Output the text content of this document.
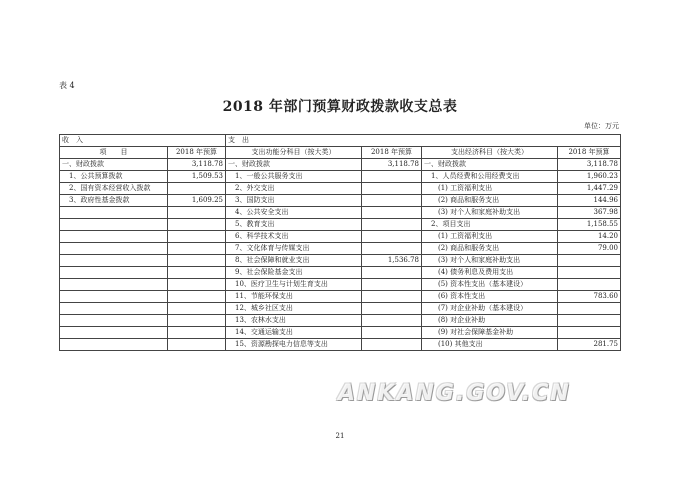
表 4
2018 年部门预算财政拨款收支总表
单位：万元
收　入		支　出			
项　　目	2018 年预算	支出功能分科目（按大类）	2018 年预算	支出经济科目（按大类）	2018 年预算
一、财政拨款	3,118.78	一、财政拨款	3,118.78	一、财政拨款	3,118.78
　1、公共预算拨款	1,509.53	　1、一般公共服务支出		　1、人员经费和公用经费支出	1,960.23
　2、国有资本经营收入拨款		　2、外交支出		　　(1) 工资福利支出	1,447.29
　3、政府性基金拨款	1,609.25	　3、国防支出		　　(2) 商品和服务支出	144.96
		　4、公共安全支出		　　(3) 对个人和家庭补助支出	367.98
		　5、教育支出		　2、项目支出	1,158.55
		　6、科学技术支出		　　(1) 工资福利支出	14.20
		　7、文化体育与传媒支出		　　(2) 商品和服务支出	79.00
		　8、社会保障和就业支出	1,536.78	　　(3) 对个人和家庭补助支出	
		　9、社会保险基金支出		　　(4) 债务利息及费用支出	
		　10、医疗卫生与计划生育支出		　　(5) 资本性支出（基本建设）	
		　11、节能环保支出		　　(6) 资本性支出	783.60
		　12、城乡社区支出		　　(7) 对企业补助（基本建设）	
		　13、农林水支出		　　(8) 对企业补助	
		　14、交通运输支出		　　(9) 对社会保障基金补助	
		　15、资源勘探电力信息等支出		　　(10) 其他支出	281.75
21
ANKANG.GOV.CN
